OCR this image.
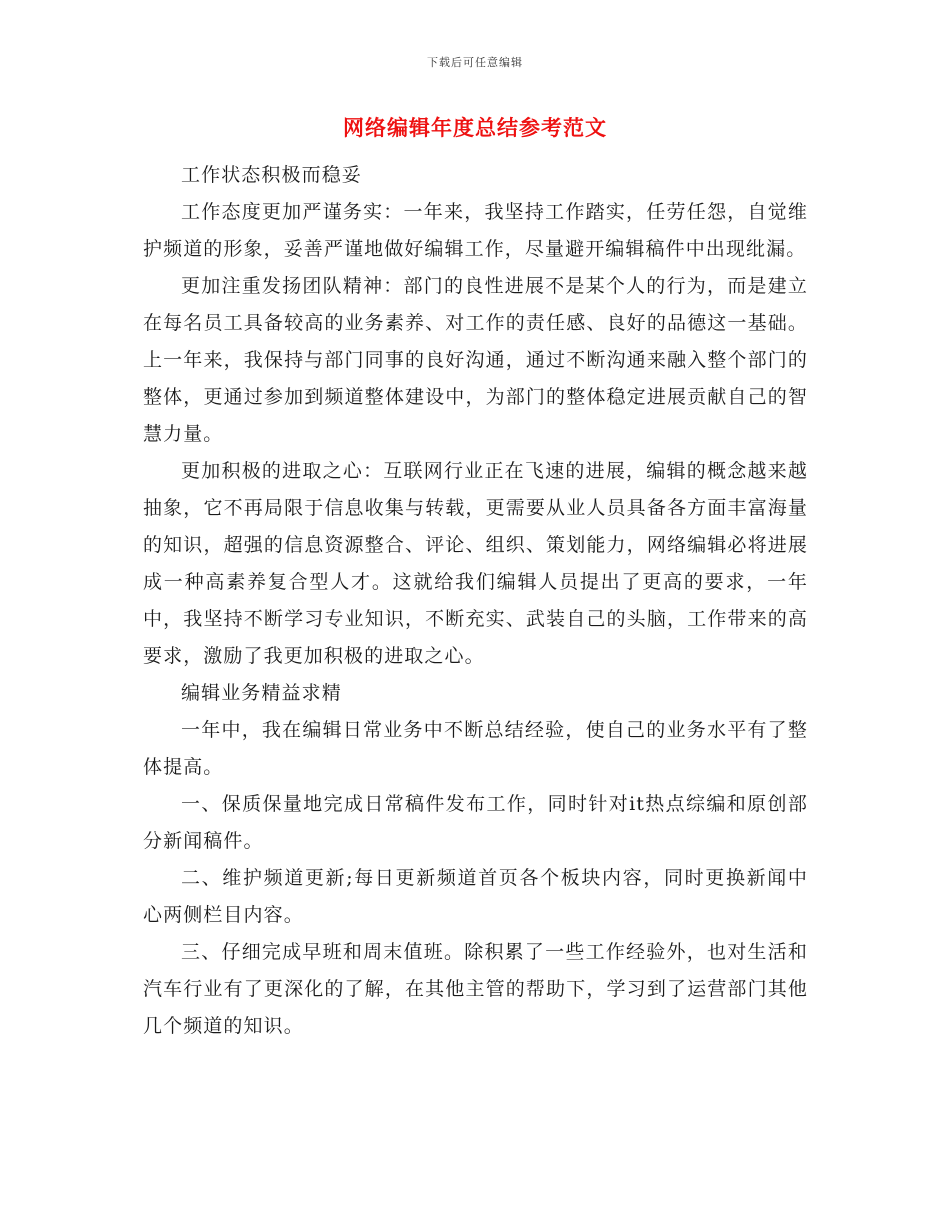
下载后可任意编辑
网络编辑年度总结参考范文

工作状态积极而稳妥

工作态度更加严谨务实：一年来，我坚持工作踏实，任劳任怨，自觉维护频道的形象，妥善严谨地做好编辑工作，尽量避开编辑稿件中出现纰漏。

更加注重发扬团队精神：部门的良性进展不是某个人的行为，而是建立在每名员工具备较高的业务素养、对工作的责任感、良好的品德这一基础。上一年来，我保持与部门同事的良好沟通，通过不断沟通来融入整个部门的整体，更通过参加到频道整体建设中，为部门的整体稳定进展贡献自己的智慧力量。

更加积极的进取之心：互联网行业正在飞速的进展，编辑的概念越来越抽象，它不再局限于信息收集与转载，更需要从业人员具备各方面丰富海量的知识，超强的信息资源整合、评论、组织、策划能力，网络编辑必将进展成一种高素养复合型人才。这就给我们编辑人员提出了更高的要求，一年中，我坚持不断学习专业知识，不断充实、武装自己的头脑，工作带来的高要求，激励了我更加积极的进取之心。

编辑业务精益求精

一年中，我在编辑日常业务中不断总结经验，使自己的业务水平有了整体提高。

一、保质保量地完成日常稿件发布工作，同时针对it热点综编和原创部分新闻稿件。

二、维护频道更新;每日更新频道首页各个板块内容，同时更换新闻中心两侧栏目内容。

三、仔细完成早班和周末值班。除积累了一些工作经验外，也对生活和汽车行业有了更深化的了解，在其他主管的帮助下，学习到了运营部门其他几个频道的知识。
